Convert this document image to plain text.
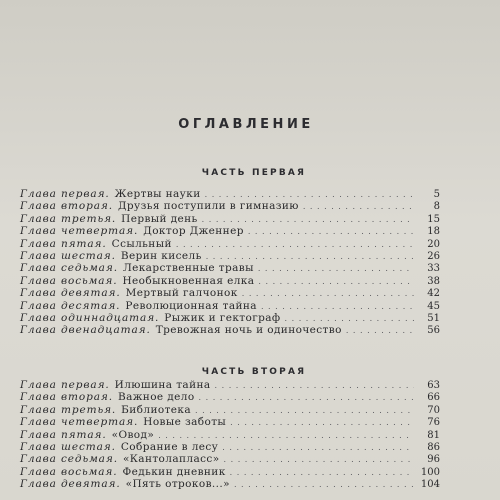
ОГЛАВЛЕНИЕ
ЧАСТЬ ПЕРВАЯ
Глава первая. Жертвы науки . .	5
Глава вторая. Друзья поступили в гимназию . .	8
Глава третья. Первый день . .	15
Глава четвертая. Доктор Дженнер . .	18
Глава пятая. Ссыльный . .	20
Глава шестая. Верин кисель . .	26
Глава седьмая. Лекарственные травы . .	33
Глава восьмая. Необыкновенная елка . .	38
Глава девятая. Мертвый галчонок . .	42
Глава десятая. Революционная тайна . .	45
Глава одиннадцатая. Рыжик и гектограф . .	51
Глава двенадцатая. Тревожная ночь и одиночество . .	56
ЧАСТЬ ВТОРАЯ
Глава первая. Илюшина тайна . .	63
Глава вторая. Важное дело . .	66
Глава третья. Библиотека . .	70
Глава четвертая. Новые заботы . .	76
Глава пятая. «Овод» . .	81
Глава шестая. Собрание в лесу . .	86
Глава седьмая. «Кантолапласс» . .	96
Глава восьмая. Федькин дневник . .	100
Глава девятая. «Пять отроков...» . .	104
